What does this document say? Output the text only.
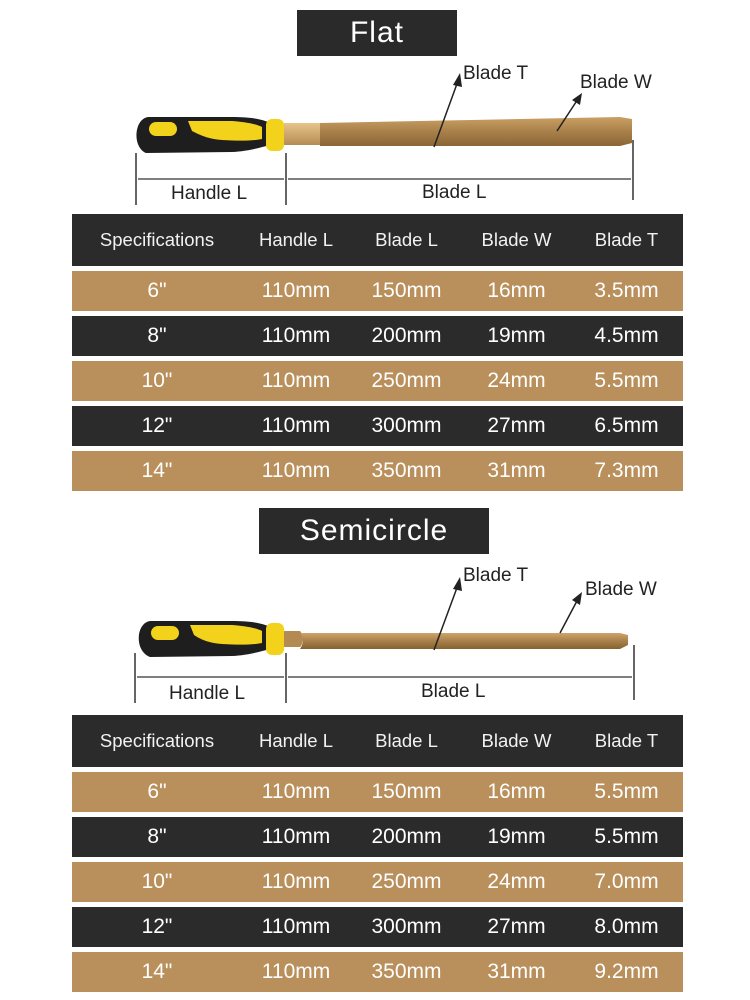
Flat
Blade T	Blade W
Handle L	Blade L
Specifications	Handle L	Blade L	Blade W	Blade T
6"	110mm	150mm	16mm	3.5mm
8"	110mm	200mm	19mm	4.5mm
10"	110mm	250mm	24mm	5.5mm
12"	110mm	300mm	27mm	6.5mm
14"	110mm	350mm	31mm	7.3mm
Semicircle
Blade T
Blade W
Handle L	Blade L
Specifications	Handle L	Blade L	Blade W	Blade T
6"	110mm	150mm	16mm	5.5mm
8"	110mm	200mm	19mm	5.5mm
10"	110mm	250mm	24mm	7.0mm
12"	110mm	300mm	27mm	8.0mm
14"	110mm	350mm	31mm	9.2mm
